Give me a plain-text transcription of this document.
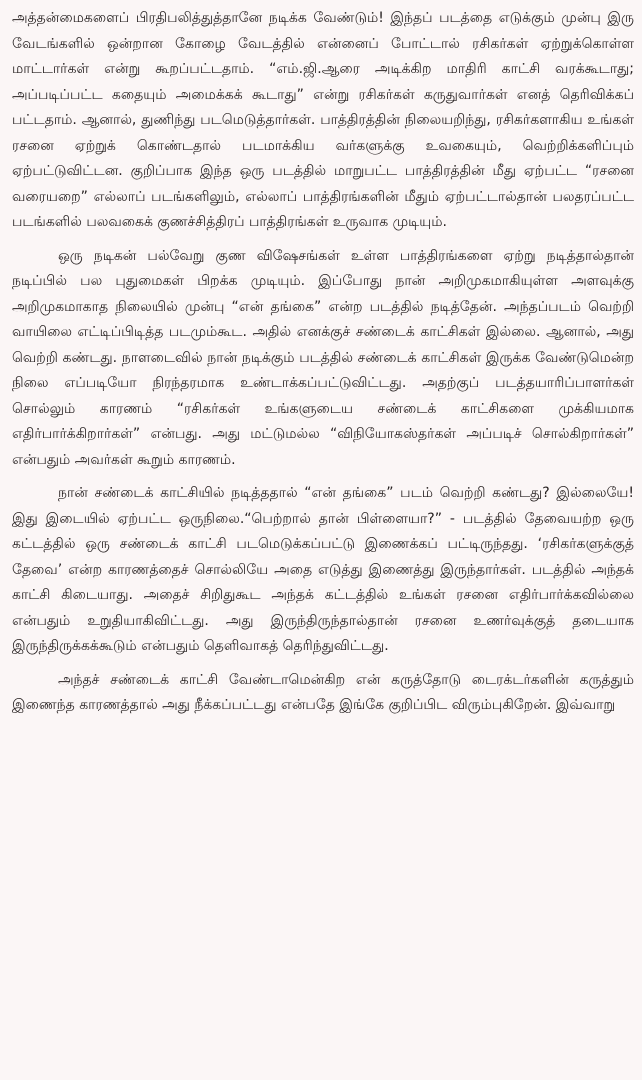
அத்தன்மைகளைப் பிரதிபலித்துத்தானே நடிக்க வேண்டும்! இந்தப் படத்தை எடுக்கும் முன்பு இரு வேடங்களில் ஒன்றான கோழை வேடத்தில் என்னைப் போட்டால் ரசிகர்கள் ஏற்றுக்கொள்ள மாட்டார்கள் என்று கூறப்பட்டதாம். “எம்.ஜி.ஆரை அடிக்கிற மாதிரி காட்சி வரக்கூடாது; அப்படிப்பட்ட கதையும் அமைக்கக் கூடாது” என்று ரசிகர்கள் கருதுவார்கள் எனத் தெரிவிக்கப் பட்டதாம். ஆனால், துணிந்து படமெடுத்தார்கள். பாத்திரத்தின் நிலையறிந்து, ரசிகர்களாகிய உங்கள் ரசனை ஏற்றுக் கொண்டதால் படமாக்கிய வர்களுக்கு உவகையும், வெற்றிக்களிப்பும் ஏற்பட்டுவிட்டன. குறிப்பாக இந்த ஒரு படத்தில் மாறுபட்ட பாத்திரத்தின் மீது ஏற்பட்ட “ரசனை வரையறை” எல்லாப் படங்களிலும், எல்லாப் பாத்திரங்களின் மீதும் ஏற்பட்டால்தான் பலதரப்பட்ட படங்களில் பலவகைக் குணச்சித்திரப் பாத்திரங்கள் உருவாக முடியும்.

ஒரு நடிகன் பல்வேறு குண விஷேசங்கள் உள்ள பாத்திரங்களை ஏற்று நடித்தால்தான் நடிப்பில் பல புதுமைகள் பிறக்க முடியும். இப்போது நான் அறிமுகமாகியுள்ள அளவுக்கு அறிமுகமாகாத நிலையில் முன்பு “என் தங்கை” என்ற படத்தில் நடித்தேன். அந்தப்படம் வெற்றி வாயிலை எட்டிப்பிடித்த படமும்கூட. அதில் எனக்குச் சண்டைக் காட்சிகள் இல்லை. ஆனால், அது வெற்றி கண்டது. நாளடைவில் நான் நடிக்கும் படத்தில் சண்டைக் காட்சிகள் இருக்க வேண்டுமென்ற நிலை எப்படியோ நிரந்தரமாக உண்டாக்கப்பட்டுவிட்டது. அதற்குப் படத்தயாரிப்பாளர்கள் சொல்லும் காரணம் “ரசிகர்கள் உங்களுடைய சண்டைக் காட்சிகளை முக்கியமாக எதிர்பார்க்கிறார்கள்” என்பது. அது மட்டுமல்ல “விநியோகஸ்தர்கள் அப்படிச் சொல்கிறார்கள்” என்பதும் அவர்கள் கூறும் காரணம்.

நான் சண்டைக் காட்சியில் நடித்ததால் “என் தங்கை” படம் வெற்றி கண்டது? இல்லையே! இது இடையில் ஏற்பட்ட ஒருநிலை.“பெற்றால் தான் பிள்ளையா?” - படத்தில் தேவையற்ற ஒரு கட்டத்தில் ஒரு சண்டைக் காட்சி படமெடுக்கப்பட்டு இணைக்கப் பட்டிருந்தது. ‘ரசிகர்களுக்குத் தேவை’ என்ற காரணத்தைச் சொல்லியே அதை எடுத்து இணைத்து இருந்தார்கள். படத்தில் அந்தக் காட்சி கிடையாது. அதைச் சிறிதுகூட அந்தக் கட்டத்தில் உங்கள் ரசனை எதிர்பார்க்கவில்லை என்பதும் உறுதியாகிவிட்டது. அது இருந்திருந்தால்தான் ரசனை உணர்வுக்குத் தடையாக இருந்திருக்கக்கூடும் என்பதும் தெளிவாகத் தெரிந்துவிட்டது.

அந்தச் சண்டைக் காட்சி வேண்டாமென்கிற என் கருத்தோடு டைரக்டர்களின் கருத்தும் இணைந்த காரணத்தால் அது நீக்கப்பட்டது என்பதே இங்கே குறிப்பிட விரும்புகிறேன். இவ்வாறு
